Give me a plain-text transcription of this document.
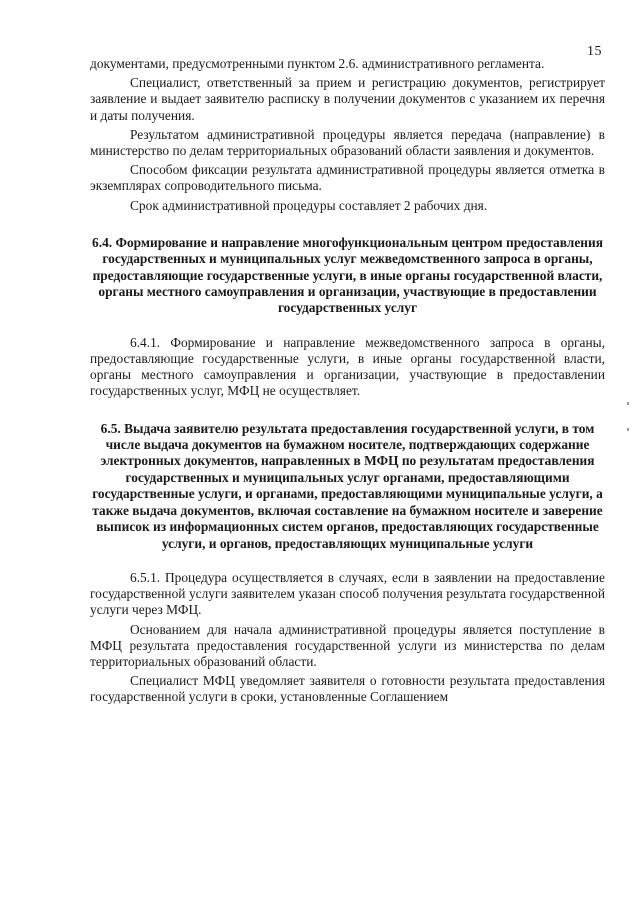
15

документами, предусмотренными пунктом 2.6. административного регламента.

Специалист, ответственный за прием и регистрацию документов, регистрирует заявление и выдает заявителю расписку в получении документов с указанием их перечня и даты получения.

Результатом административной процедуры является передача (направление) в министерство по делам территориальных образований области заявления и документов.

Способом фиксации результата административной процедуры является отметка в экземплярах сопроводительного письма.

Срок административной процедуры составляет 2 рабочих дня.

6.4. Формирование и направление многофункциональным центром предоставления государственных и муниципальных услуг межведомственного запроса в органы, предоставляющие государственные услуги, в иные органы государственной власти, органы местного самоуправления и организации, участвующие в предоставлении государственных услуг

6.4.1. Формирование и направление межведомственного запроса в органы, предоставляющие государственные услуги, в иные органы государственной власти, органы местного самоуправления и организации, участвующие в предоставлении государственных услуг, МФЦ не осуществляет.

6.5. Выдача заявителю результата предоставления государственной услуги, в том числе выдача документов на бумажном носителе, подтверждающих содержание электронных документов, направленных в МФЦ по результатам предоставления государственных и муниципальных услуг органами, предоставляющими государственные услуги, и органами, предоставляющими муниципальные услуги, а также выдача документов, включая составление на бумажном носителе и заверение выписок из информационных систем органов, предоставляющих государственные услуги, и органов, предоставляющих муниципальные услуги

6.5.1. Процедура осуществляется в случаях, если в заявлении на предоставление государственной услуги заявителем указан способ получения результата государственной услуги через МФЦ.

Основанием для начала административной процедуры является поступление в МФЦ результата предоставления государственной услуги из министерства по делам территориальных образований области.

Специалист МФЦ уведомляет заявителя о готовности результата предоставления государственной услуги в сроки, установленные Соглашением
